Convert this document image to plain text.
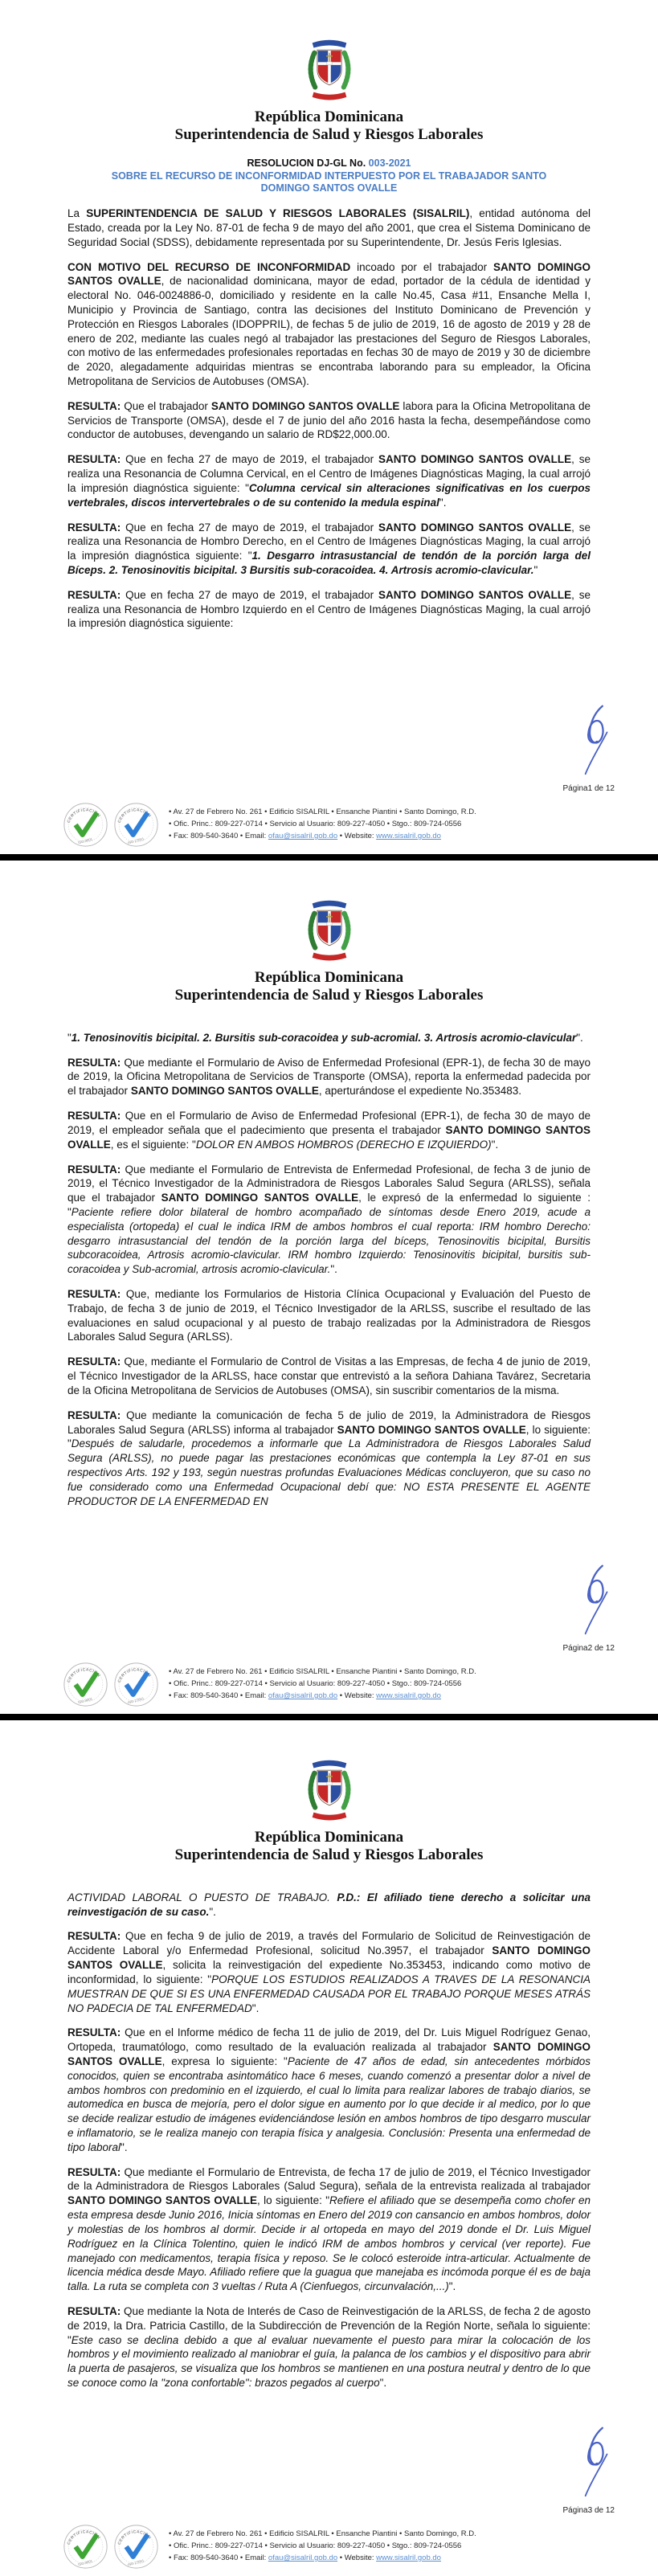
República Dominicana
Superintendencia de Salud y Riesgos Laborales
RESOLUCION DJ-GL No. 003-2021
SOBRE EL RECURSO DE INCONFORMIDAD INTERPUESTO POR EL TRABAJADOR SANTO DOMINGO SANTOS OVALLE

La SUPERINTENDENCIA DE SALUD Y RIESGOS LABORALES (SISALRIL), entidad autónoma del Estado, creada por la Ley No. 87-01 de fecha 9 de mayo del año 2001, que crea el Sistema Dominicano de Seguridad Social (SDSS), debidamente representada por su Superintendente, Dr. Jesús Feris Iglesias.

CON MOTIVO DEL RECURSO DE INCONFORMIDAD incoado por el trabajador SANTO DOMINGO SANTOS OVALLE, de nacionalidad dominicana, mayor de edad, portador de la cédula de identidad y electoral No. 046-0024886-0, domiciliado y residente en la calle No.45, Casa #11, Ensanche Mella I, Municipio y Provincia de Santiago, contra las decisiones del Instituto Dominicano de Prevención y Protección en Riesgos Laborales (IDOPPRIL), de fechas 5 de julio de 2019, 16 de agosto de 2019 y 28 de enero de 202, mediante las cuales negó al trabajador las prestaciones del Seguro de Riesgos Laborales, con motivo de las enfermedades profesionales reportadas en fechas 30 de mayo de 2019 y 30 de diciembre de 2020, alegadamente adquiridas mientras se encontraba laborando para su empleador, la Oficina Metropolitana de Servicios de Autobuses (OMSA).

RESULTA: Que el trabajador SANTO DOMINGO SANTOS OVALLE labora para la Oficina Metropolitana de Servicios de Transporte (OMSA), desde el 7 de junio del año 2016 hasta la fecha, desempeñándose como conductor de autobuses, devengando un salario de RD$22,000.00.

RESULTA: Que en fecha 27 de mayo de 2019, el trabajador SANTO DOMINGO SANTOS OVALLE, se realiza una Resonancia de Columna Cervical, en el Centro de Imágenes Diagnósticas Maging, la cual arrojó la impresión diagnóstica siguiente: "Columna cervical sin alteraciones significativas en los cuerpos vertebrales, discos intervertebrales o de su contenido la medula espinal".

RESULTA: Que en fecha 27 de mayo de 2019, el trabajador SANTO DOMINGO SANTOS OVALLE, se realiza una Resonancia de Hombro Derecho, en el Centro de Imágenes Diagnósticas Maging, la cual arrojó la impresión diagnóstica siguiente: "1. Desgarro intrasustancial de tendón de la porción larga del Bíceps. 2. Tenosinovitis bicipital. 3 Bursitis sub-coracoidea. 4. Artrosis acromio-clavicular."

RESULTA: Que en fecha 27 de mayo de 2019, el trabajador SANTO DOMINGO SANTOS OVALLE, se realiza una Resonancia de Hombro Izquierdo en el Centro de Imágenes Diagnósticas Maging, la cual arrojó la impresión diagnóstica siguiente:

Página1 de 12
• Av. 27 de Febrero No. 261 • Edificio SISALRIL • Ensanche Piantini • Santo Domingo, R.D.
• Ofic. Princ.: 809-227-0714 • Servicio al Usuario: 809-227-4050 • Stgo.: 809-724-0556
• Fax: 809-540-3640 • Email: ofau@sisalril.gob.do • Website: www.sisalril.gob.do
República Dominicana
Superintendencia de Salud y Riesgos Laborales

"1. Tenosinovitis bicipital. 2. Bursitis sub-coracoidea y sub-acromial. 3. Artrosis acromio-clavicular".

RESULTA: Que mediante el Formulario de Aviso de Enfermedad Profesional (EPR-1), de fecha 30 de mayo de 2019, la Oficina Metropolitana de Servicios de Transporte (OMSA), reporta la enfermedad padecida por el trabajador SANTO DOMINGO SANTOS OVALLE, aperturándose el expediente No.353483.

RESULTA: Que en el Formulario de Aviso de Enfermedad Profesional (EPR-1), de fecha 30 de mayo de 2019, el empleador señala que el padecimiento que presenta el trabajador SANTO DOMINGO SANTOS OVALLE, es el siguiente: "DOLOR EN AMBOS HOMBROS (DERECHO E IZQUIERDO)".

RESULTA: Que mediante el Formulario de Entrevista de Enfermedad Profesional, de fecha 3 de junio de 2019, el Técnico Investigador de la Administradora de Riesgos Laborales Salud Segura (ARLSS), señala que el trabajador SANTO DOMINGO SANTOS OVALLE, le expresó de la enfermedad lo siguiente : "Paciente refiere dolor bilateral de hombro acompañado de síntomas desde Enero 2019, acude a especialista (ortopeda) el cual le indica IRM de ambos hombros el cual reporta: IRM hombro Derecho: desgarro intrasustancial del tendón de la porción larga del bíceps, Tenosinovitis bicipital, Bursitis subcoracoidea, Artrosis acromio-clavicular. IRM hombro Izquierdo: Tenosinovitis bicipital, bursitis sub-coracoidea y Sub-acromial, artrosis acromio-clavicular.".

RESULTA: Que, mediante los Formularios de Historia Clínica Ocupacional y Evaluación del Puesto de Trabajo, de fecha 3 de junio de 2019, el Técnico Investigador de la ARLSS, suscribe el resultado de las evaluaciones en salud ocupacional y al puesto de trabajo realizadas por la Administradora de Riesgos Laborales Salud Segura (ARLSS).

RESULTA: Que, mediante el Formulario de Control de Visitas a las Empresas, de fecha 4 de junio de 2019, el Técnico Investigador de la ARLSS, hace constar que entrevistó a la señora Dahiana Tavárez, Secretaria de la Oficina Metropolitana de Servicios de Autobuses (OMSA), sin suscribir comentarios de la misma.

RESULTA: Que mediante la comunicación de fecha 5 de julio de 2019, la Administradora de Riesgos Laborales Salud Segura (ARLSS) informa al trabajador SANTO DOMINGO SANTOS OVALLE, lo siguiente: "Después de saludarle, procedemos a informarle que La Administradora de Riesgos Laborales Salud Segura (ARLSS), no puede pagar las prestaciones económicas que contempla la Ley 87-01 en sus respectivos Arts. 192 y 193, según nuestras profundas Evaluaciones Médicas concluyeron, que su caso no fue considerado como una Enfermedad Ocupacional debí que: NO ESTA PRESENTE EL AGENTE PRODUCTOR DE LA ENFERMEDAD EN

Página2 de 12
• Av. 27 de Febrero No. 261 • Edificio SISALRIL • Ensanche Piantini • Santo Domingo, R.D.
• Ofic. Princ.: 809-227-0714 • Servicio al Usuario: 809-227-4050 • Stgo.: 809-724-0556
• Fax: 809-540-3640 • Email: ofau@sisalril.gob.do • Website: www.sisalril.gob.do
República Dominicana
Superintendencia de Salud y Riesgos Laborales

ACTIVIDAD LABORAL O PUESTO DE TRABAJO. P.D.: El afiliado tiene derecho a solicitar una reinvestigación de su caso.".

RESULTA: Que en fecha 9 de julio de 2019, a través del Formulario de Solicitud de Reinvestigación de Accidente Laboral y/o Enfermedad Profesional, solicitud No.3957, el trabajador SANTO DOMINGO SANTOS OVALLE, solicita la reinvestigación del expediente No.353453, indicando como motivo de inconformidad, lo siguiente: "PORQUE LOS ESTUDIOS REALIZADOS A TRAVES DE LA RESONANCIA MUESTRAN DE QUE SI ES UNA ENFERMEDAD CAUSADA POR EL TRABAJO PORQUE MESES ATRÁS NO PADECIA DE TAL ENFERMEDAD".

RESULTA: Que en el Informe médico de fecha 11 de julio de 2019, del Dr. Luis Miguel Rodríguez Genao, Ortopeda, traumatólogo, como resultado de la evaluación realizada al trabajador SANTO DOMINGO SANTOS OVALLE, expresa lo siguiente: "Paciente de 47 años de edad, sin antecedentes mórbidos conocidos, quien se encontraba asintomático hace 6 meses, cuando comenzó a presentar dolor a nivel de ambos hombros con predominio en el izquierdo, el cual lo limita para realizar labores de trabajo diarios, se automedica en busca de mejoría, pero el dolor sigue en aumento por lo que decide ir al medico, por lo que se decide realizar estudio de imágenes evidenciándose lesión en ambos hombros de tipo desgarro muscular e inflamatorio, se le realiza manejo con terapia física y analgesia. Conclusión: Presenta una enfermedad de tipo laboral".

RESULTA: Que mediante el Formulario de Entrevista, de fecha 17 de julio de 2019, el Técnico Investigador de la Administradora de Riesgos Laborales (Salud Segura), señala de la entrevista realizada al trabajador SANTO DOMINGO SANTOS OVALLE, lo siguiente: "Refiere el afiliado que se desempeña como chofer en esta empresa desde Junio 2016, Inicia síntomas en Enero del 2019 con cansancio en ambos hombros, dolor y molestias de los hombros al dormir. Decide ir al ortopeda en mayo del 2019 donde el Dr. Luis Miguel Rodríguez en la Clínica Tolentino, quien le indicó IRM de ambos hombros y cervical (ver reporte). Fue manejado con medicamentos, terapia física y reposo. Se le colocó esteroide intra-articular. Actualmente de licencia médica desde Mayo. Afiliado refiere que la guagua que manejaba es incómoda porque él es de baja talla. La ruta se completa con 3 vueltas / Ruta A (Cienfuegos, circunvalación,...)".

RESULTA: Que mediante la Nota de Interés de Caso de Reinvestigación de la ARLSS, de fecha 2 de agosto de 2019, la Dra. Patricia Castillo, de la Subdirección de Prevención de la Región Norte, señala lo siguiente: "Este caso se declina debido a que al evaluar nuevamente el puesto para mirar la colocación de los hombros y el movimiento realizado al maniobrar el guía, la palanca de los cambios y el dispositivo para abrir la puerta de pasajeros, se visualiza que los hombros se mantienen en una postura neutral y dentro de lo que se conoce como la "zona confortable": brazos pegados al cuerpo".

Página3 de 12
• Av. 27 de Febrero No. 261 • Edificio SISALRIL • Ensanche Piantini • Santo Domingo, R.D.
• Ofic. Princ.: 809-227-0714 • Servicio al Usuario: 809-227-4050 • Stgo.: 809-724-0556
• Fax: 809-540-3640 • Email: ofau@sisalril.gob.do • Website: www.sisalril.gob.do
